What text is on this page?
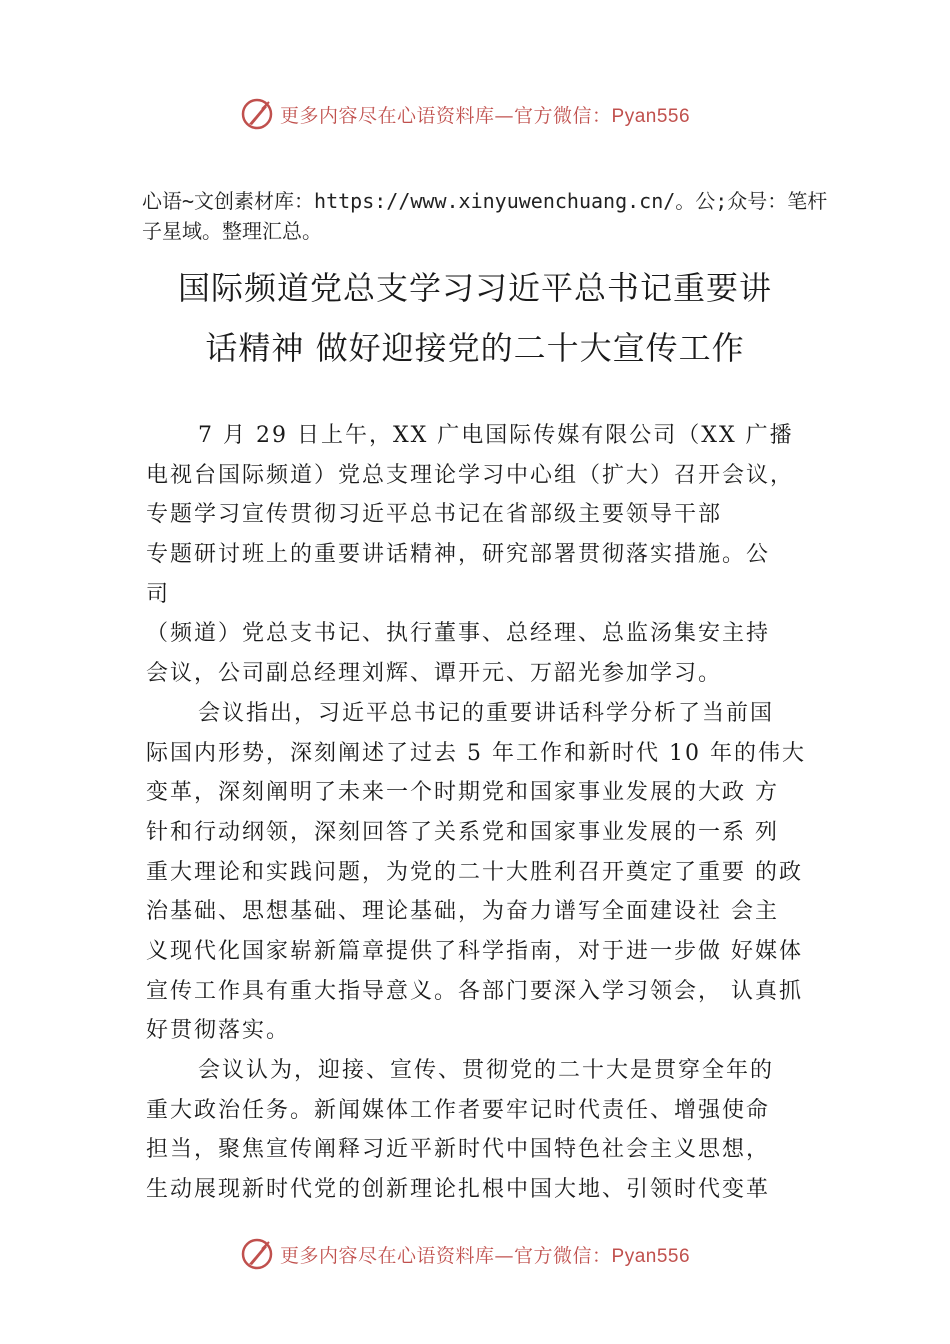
更多内容尽在心语资料库—官方微信：Pyan556
心语~文创素材库：https://www.xinyuwenchuang.cn/。公;众号：笔杆子星域。整理汇总。
国际频道党总支学习习近平总书记重要讲
话精神 做好迎接党的二十大宣传工作
7 月 29 日上午，XX 广电国际传媒有限公司（XX 广播
电视台国际频道）党总支理论学习中心组（扩大）召开会议，
专题学习宣传贯彻习近平总书记在省部级主要领导干部
专题研讨班上的重要讲话精神，研究部署贯彻落实措施。公
司
（频道）党总支书记、执行董事、总经理、总监汤集安主持
会议，公司副总经理刘辉、谭开元、万韶光参加学习。
会议指出，习近平总书记的重要讲话科学分析了当前国
际国内形势，深刻阐述了过去 5 年工作和新时代 10 年的伟大
变革，深刻阐明了未来一个时期党和国家事业发展的大政 方
针和行动纲领，深刻回答了关系党和国家事业发展的一系 列
重大理论和实践问题，为党的二十大胜利召开奠定了重要 的政
治基础、思想基础、理论基础，为奋力谱写全面建设社 会主
义现代化国家崭新篇章提供了科学指南，对于进一步做 好媒体
宣传工作具有重大指导意义。各部门要深入学习领会， 认真抓
好贯彻落实。
会议认为，迎接、宣传、贯彻党的二十大是贯穿全年的
重大政治任务。新闻媒体工作者要牢记时代责任、增强使命
担当，聚焦宣传阐释习近平新时代中国特色社会主义思想，
生动展现新时代党的创新理论扎根中国大地、引领时代变革
更多内容尽在心语资料库—官方微信：Pyan556
